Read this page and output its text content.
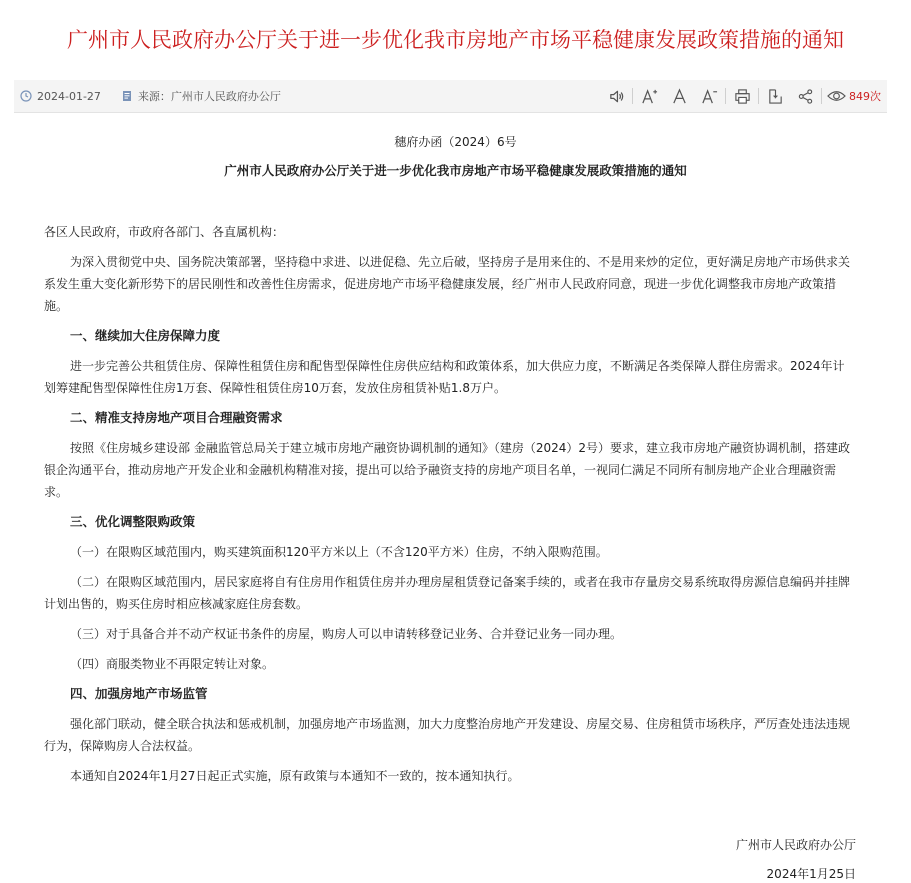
广州市人民政府办公厅关于进一步优化我市房地产市场平稳健康发展政策措施的通知
2024-01-27	来源： 广州市人民政府办公厅	849次
穗府办函（2024）6号
广州市人民政府办公厅关于进一步优化我市房地产市场平稳健康发展政策措施的通知

各区人民政府，市政府各部门、各直属机构：

为深入贯彻党中央、国务院决策部署，坚持稳中求进、以进促稳、先立后破，坚持房子是用来住的、不是用来炒的定位，更好满足房地产市场供求关系发生重大变化新形势下的居民刚性和改善性住房需求，促进房地产市场平稳健康发展，经广州市人民政府同意，现进一步优化调整我市房地产政策措施。

一、继续加大住房保障力度

进一步完善公共租赁住房、保障性租赁住房和配售型保障性住房供应结构和政策体系，加大供应力度，不断满足各类保障人群住房需求。2024年计划筹建配售型保障性住房1万套、保障性租赁住房10万套，发放住房租赁补贴1.8万户。

二、精准支持房地产项目合理融资需求

按照《住房城乡建设部 金融监管总局关于建立城市房地产融资协调机制的通知》（建房（2024）2号）要求，建立我市房地产融资协调机制，搭建政银企沟通平台，推动房地产开发企业和金融机构精准对接，提出可以给予融资支持的房地产项目名单，一视同仁满足不同所有制房地产企业合理融资需求。

三、优化调整限购政策

（一）在限购区域范围内，购买建筑面积120平方米以上（不含120平方米）住房，不纳入限购范围。

（二）在限购区域范围内，居民家庭将自有住房用作租赁住房并办理房屋租赁登记备案手续的，或者在我市存量房交易系统取得房源信息编码并挂牌计划出售的，购买住房时相应核减家庭住房套数。

（三）对于具备合并不动产权证书条件的房屋，购房人可以申请转移登记业务、合并登记业务一同办理。

（四）商服类物业不再限定转让对象。

四、加强房地产市场监管

强化部门联动，健全联合执法和惩戒机制，加强房地产市场监测，加大力度整治房地产开发建设、房屋交易、住房租赁市场秩序，严厉查处违法违规行为，保障购房人合法权益。

本通知自2024年1月27日起正式实施，原有政策与本通知不一致的，按本通知执行。

广州市人民政府办公厅
2024年1月25日
